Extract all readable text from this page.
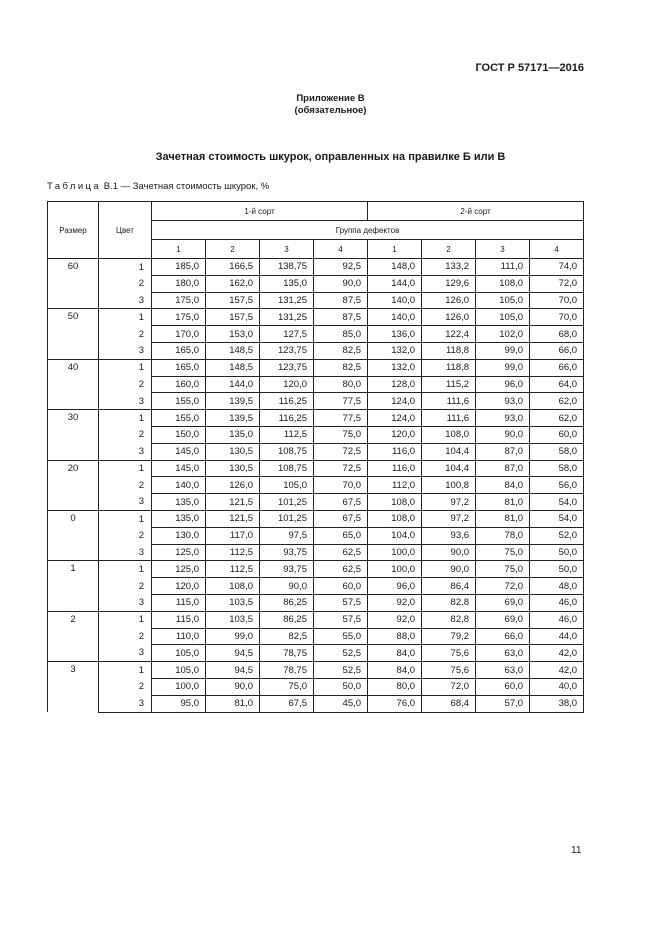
ГОСТ Р 57171—2016
Приложение В
(обязательное)
Зачетная стоимость шкурок, оправленных на правилке Б или В
Таблица В.1 — Зачетная стоимость шкурок, %
Размер	Цвет	1-й сорт				2-й сорт			
		Группа дефектов							
		1	2	3	4	1	2	3	4
60	1	185,0	166,5	138,75	92,5	148,0	133,2	111,0	74,0
	2	180,0	162,0	135,0	90,0	144,0	129,6	108,0	72,0
	3	175,0	157,5	131,25	87,5	140,0	126,0	105,0	70,0
50	1	175,0	157,5	131,25	87,5	140,0	126,0	105,0	70,0
	2	170,0	153,0	127,5	85,0	136,0	122,4	102,0	68,0
	3	165,0	148,5	123,75	82,5	132,0	118,8	99,0	66,0
40	1	165,0	148,5	123,75	82,5	132,0	118,8	99,0	66,0
	2	160,0	144,0	120,0	80,0	128,0	115,2	96,0	64,0
	3	155,0	139,5	116,25	77,5	124,0	111,6	93,0	62,0
30	1	155,0	139,5	116,25	77,5	124,0	111,6	93,0	62,0
	2	150,0	135,0	112,5	75,0	120,0	108,0	90,0	60,0
	3	145,0	130,5	108,75	72,5	116,0	104,4	87,0	58,0
20	1	145,0	130,5	108,75	72,5	116,0	104,4	87,0	58,0
	2	140,0	126,0	105,0	70,0	112,0	100,8	84,0	56,0
	3	135,0	121,5	101,25	67,5	108,0	97,2	81,0	54,0
0	1	135,0	121,5	101,25	67,5	108,0	97,2	81,0	54,0
	2	130,0	117,0	97,5	65,0	104,0	93,6	78,0	52,0
	3	125,0	112,5	93,75	62,5	100,0	90,0	75,0	50,0
1	1	125,0	112,5	93,75	62,5	100,0	90,0	75,0	50,0
	2	120,0	108,0	90,0	60,0	96,0	86,4	72,0	48,0
	3	115,0	103,5	86,25	57,5	92,0	82,8	69,0	46,0
2	1	115,0	103,5	86,25	57,5	92,0	82,8	69,0	46,0
	2	110,0	99,0	82,5	55,0	88,0	79,2	66,0	44,0
	3	105,0	94,5	78,75	52,5	84,0	75,6	63,0	42,0
3	1	105,0	94,5	78,75	52,5	84,0	75,6	63,0	42,0
	2	100,0	90,0	75,0	50,0	80,0	72,0	60,0	40,0
	3	95,0	81,0	67,5	45,0	76,0	68,4	57,0	38,0
11
